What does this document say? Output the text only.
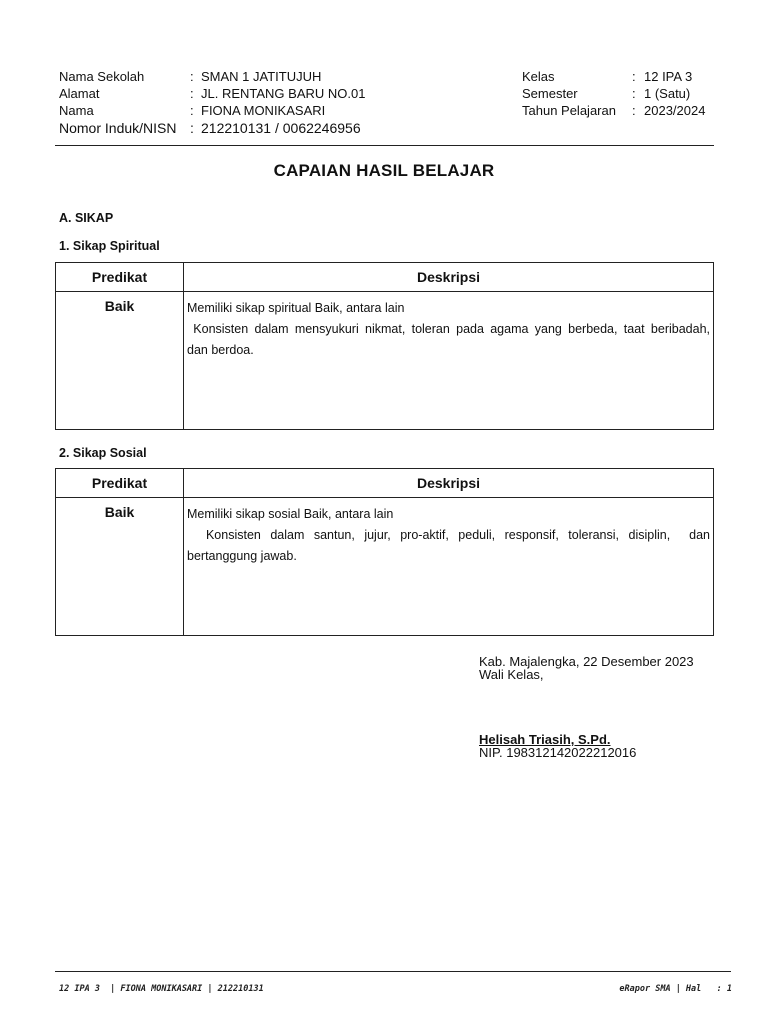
Nama Sekolah	: SMAN 1 JATITUJUH
Alamat	: JL. RENTANG BARU NO.01
Nama	: FIONA MONIKASARI
Nomor Induk/NISN : 212210131 / 0062246956
Kelas	: 12 IPA 3
Semester	: 1 (Satu)
Tahun Pelajaran : 2023/2024
CAPAIAN HASIL BELAJAR
A. SIKAP
1. Sikap Spiritual
Predikat	Deskripsi
Baik	Memiliki sikap spiritual Baik, antara lain
Konsisten dalam mensyukuri nikmat, toleran pada agama yang berbeda, taat beribadah,
dan berdoa.
2. Sikap Sosial
Predikat	Deskripsi
Baik	Memiliki sikap sosial Baik, antara lain
Konsisten dalam santun, jujur, pro-aktif, peduli, responsif, toleransi, disiplin,  dan
bertanggung jawab.
Kab. Majalengka, 22 Desember 2023
Wali Kelas,
Helisah Triasih, S.Pd.
NIP. 198312142022212016
12 IPA 3  | FIONA MONIKASARI | 212210131	eRapor SMA | Hal   : 1
